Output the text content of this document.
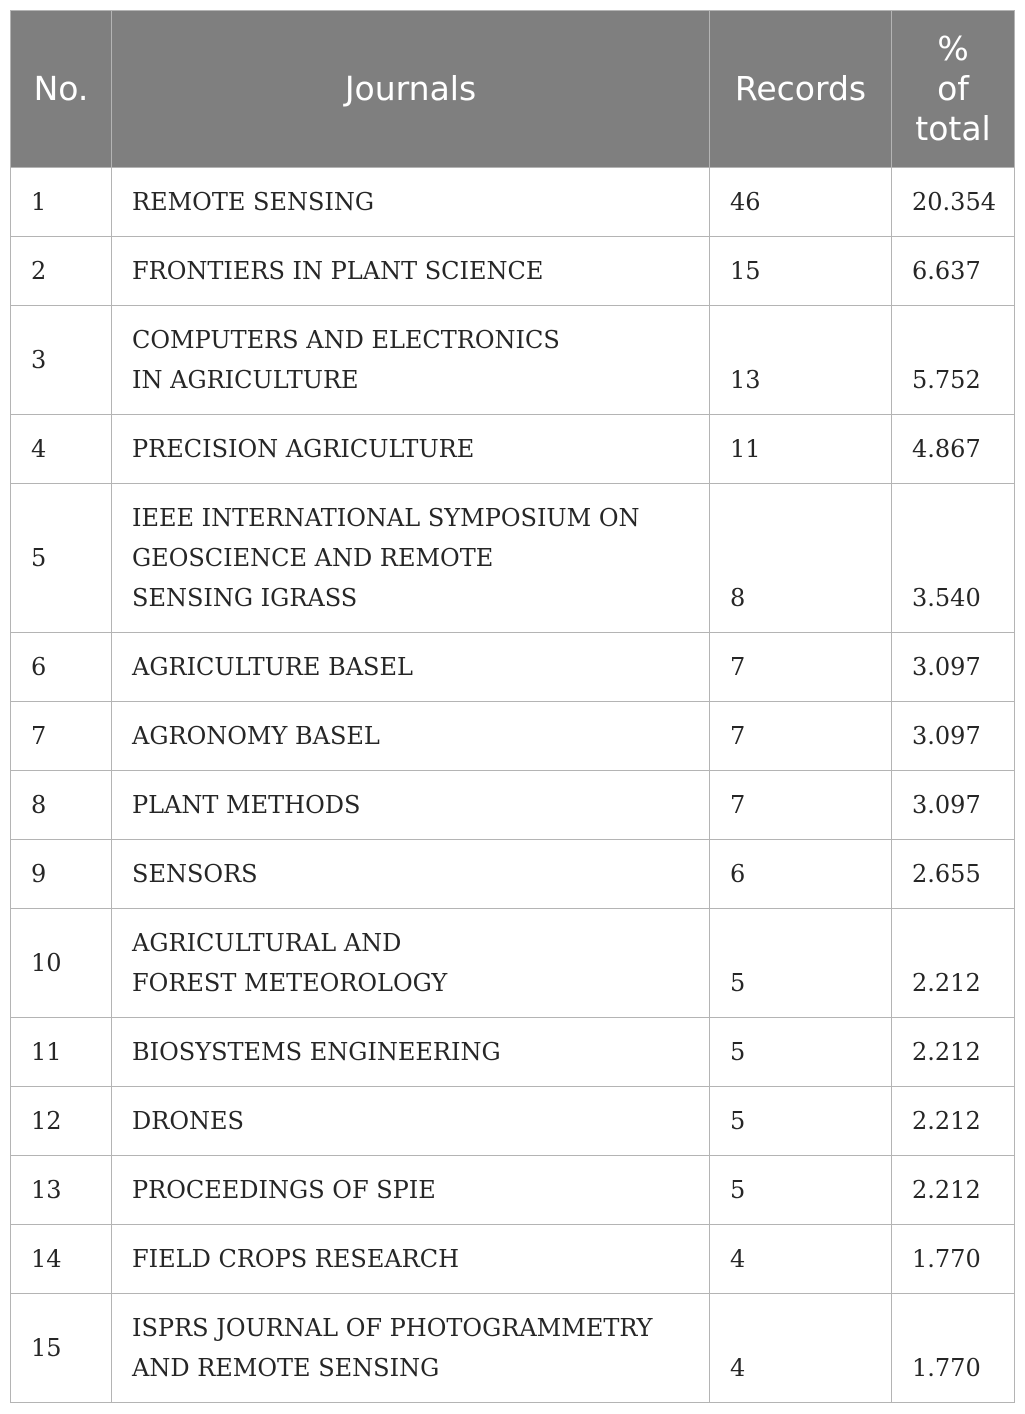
No.	Journals	Records	%
of
total
1	REMOTE SENSING	46	20.354
2	FRONTIERS IN PLANT SCIENCE	15	6.637
3	COMPUTERS AND ELECTRONICS
IN AGRICULTURE	13	5.752
4	PRECISION AGRICULTURE	11	4.867
5	IEEE INTERNATIONAL SYMPOSIUM ON
GEOSCIENCE AND REMOTE
SENSING IGRASS	8	3.540
6	AGRICULTURE BASEL	7	3.097
7	AGRONOMY BASEL	7	3.097
8	PLANT METHODS	7	3.097
9	SENSORS	6	2.655
10	AGRICULTURAL AND
FOREST METEOROLOGY	5	2.212
11	BIOSYSTEMS ENGINEERING	5	2.212
12	DRONES	5	2.212
13	PROCEEDINGS OF SPIE	5	2.212
14	FIELD CROPS RESEARCH	4	1.770
15	ISPRS JOURNAL OF PHOTOGRAMMETRY
AND REMOTE SENSING	4	1.770
